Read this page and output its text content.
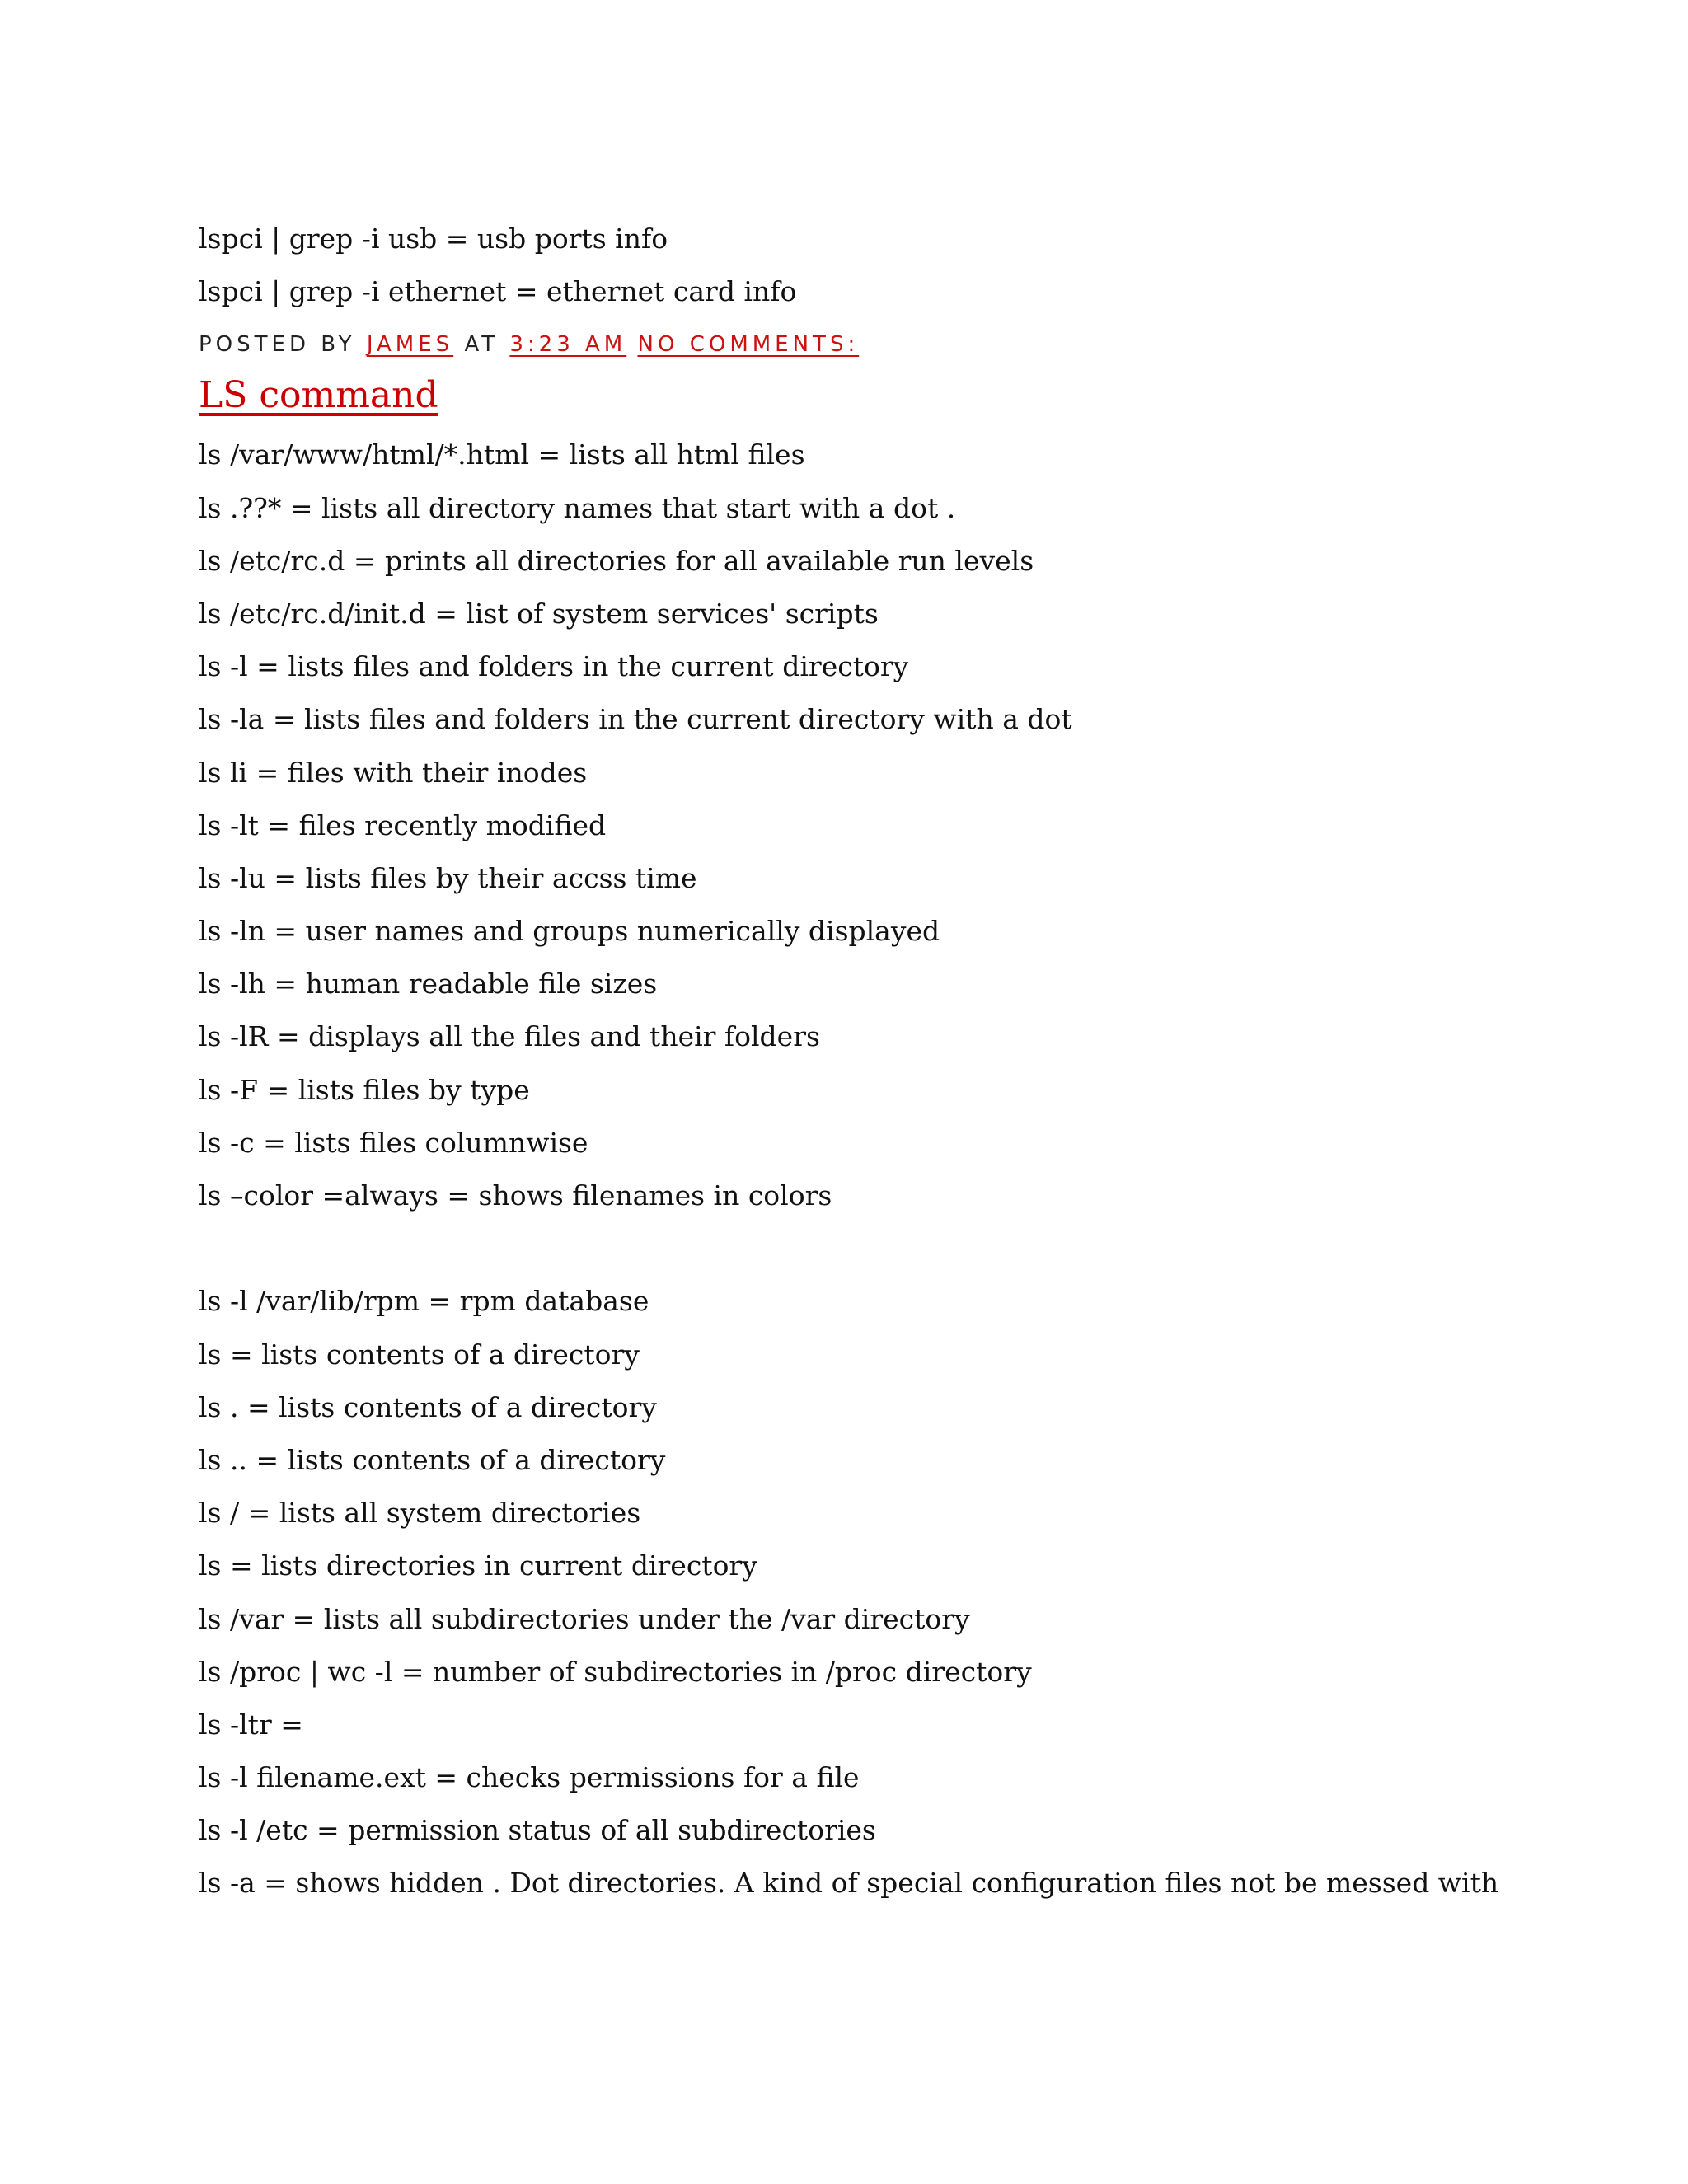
lspci | grep -i usb = usb ports info
lspci | grep -i ethernet = ethernet card info
POSTED BY JAMES AT 3:23 AM NO COMMENTS:
LS command
ls /var/www/html/*.html = lists all html files
ls .??* = lists all directory names that start with a dot .
ls /etc/rc.d = prints all directories for all available run levels
ls /etc/rc.d/init.d = list of system services' scripts
ls -l = lists files and folders in the current directory
ls -la = lists files and folders in the current directory with a dot
ls li = files with their inodes
ls -lt = files recently modified
ls -lu = lists files by their accss time
ls -ln = user names and groups numerically displayed
ls -lh = human readable file sizes
ls -lR = displays all the files and their folders
ls -F = lists files by type
ls -c = lists files columnwise
ls –color =always = shows filenames in colors
ls -l /var/lib/rpm = rpm database
ls = lists contents of a directory
ls . = lists contents of a directory
ls .. = lists contents of a directory
ls / = lists all system directories
ls = lists directories in current directory
ls /var = lists all subdirectories under the /var directory
ls /proc | wc -l = number of subdirectories in /proc directory
ls -ltr =
ls -l filename.ext = checks permissions for a file
ls -l /etc = permission status of all subdirectories
ls -a = shows hidden . Dot directories. A kind of special configuration files not be messed with
